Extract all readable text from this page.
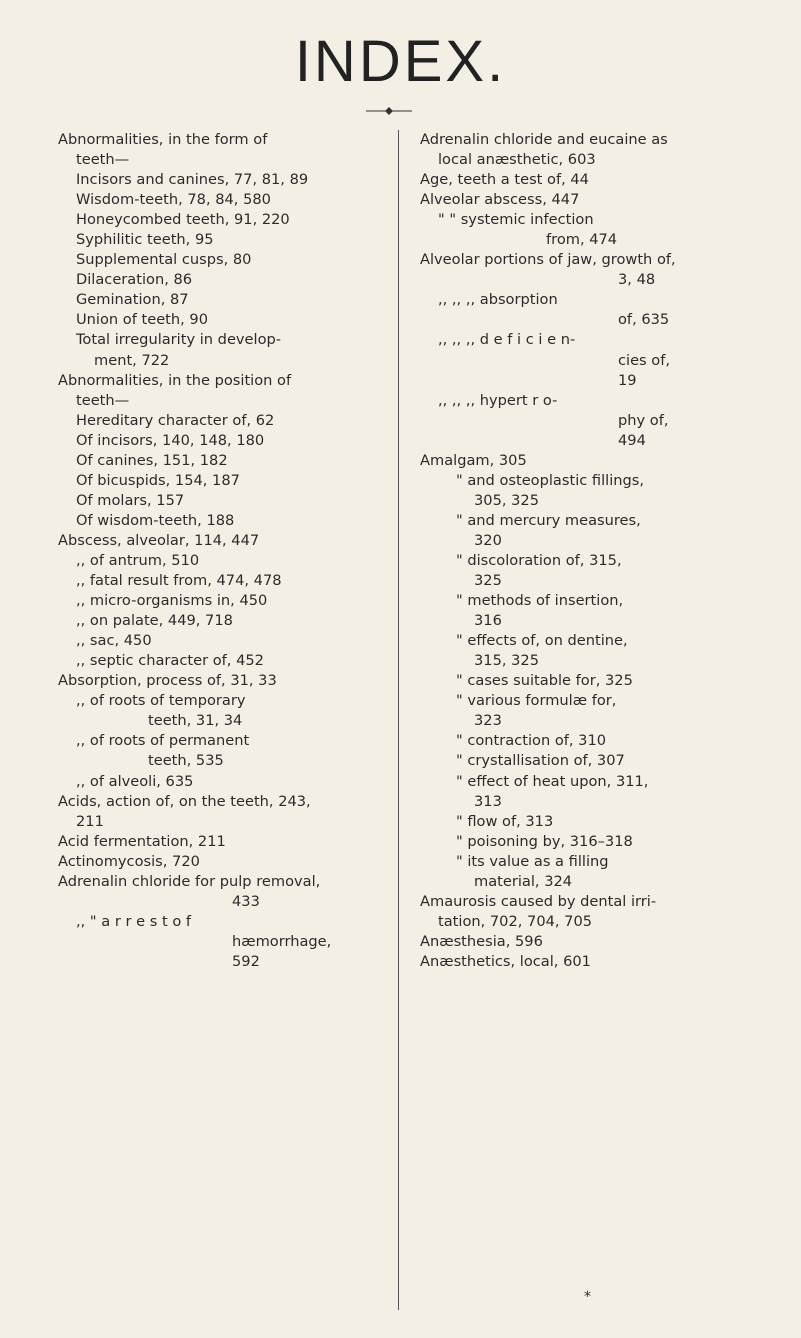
INDEX.
Abnormalities, in the form of
teeth—
Incisors and canines, 77, 81, 89
Wisdom-teeth, 78, 84, 580
Honeycombed teeth, 91, 220
Syphilitic teeth, 95
Supplemental cusps, 80
Dilaceration, 86
Gemination, 87
Union of teeth, 90
Total irregularity in develop-
ment, 722
Abnormalities, in the position of
teeth—
Hereditary character of, 62
Of incisors, 140, 148, 180
Of canines, 151, 182
Of bicuspids, 154, 187
Of molars, 157
Of wisdom-teeth, 188
Abscess, alveolar, 114, 447
,, of antrum, 510
,, fatal result from, 474, 478
,, micro-organisms in, 450
,, on palate, 449, 718
,, sac, 450
,, septic character of, 452
Absorption, process of, 31, 33
,, of roots of temporary
teeth, 31, 34
,, of roots of permanent
teeth, 535
,, of alveoli, 635
Acids, action of, on the teeth, 243,
211
Acid fermentation, 211
Actinomycosis, 720
Adrenalin chloride for pulp removal,
433
,, " a r r e s t o f
hæmorrhage,
592
Adrenalin chloride and eucaine as
local anæsthetic, 603
Age, teeth a test of, 44
Alveolar abscess, 447
" " systemic infection
from, 474
Alveolar portions of jaw, growth of,
3, 48
,, ,, ,, absorption
of, 635
,, ,, ,, d e f i c i e n-
cies of,
19
,, ,, ,, hypert r o-
phy of,
494
Amalgam, 305
" and osteoplastic fillings,
305, 325
" and mercury measures,
320
" discoloration of, 315,
325
" methods of insertion,
316
" effects of, on dentine,
315, 325
" cases suitable for, 325
" various formulæ for,
323
" contraction of, 310
" crystallisation of, 307
" effect of heat upon, 311,
313
" flow of, 313
" poisoning by, 316–318
" its value as a filling
material, 324
Amaurosis caused by dental irri-
tation, 702, 704, 705
Anæsthesia, 596
Anæsthetics, local, 601
*
